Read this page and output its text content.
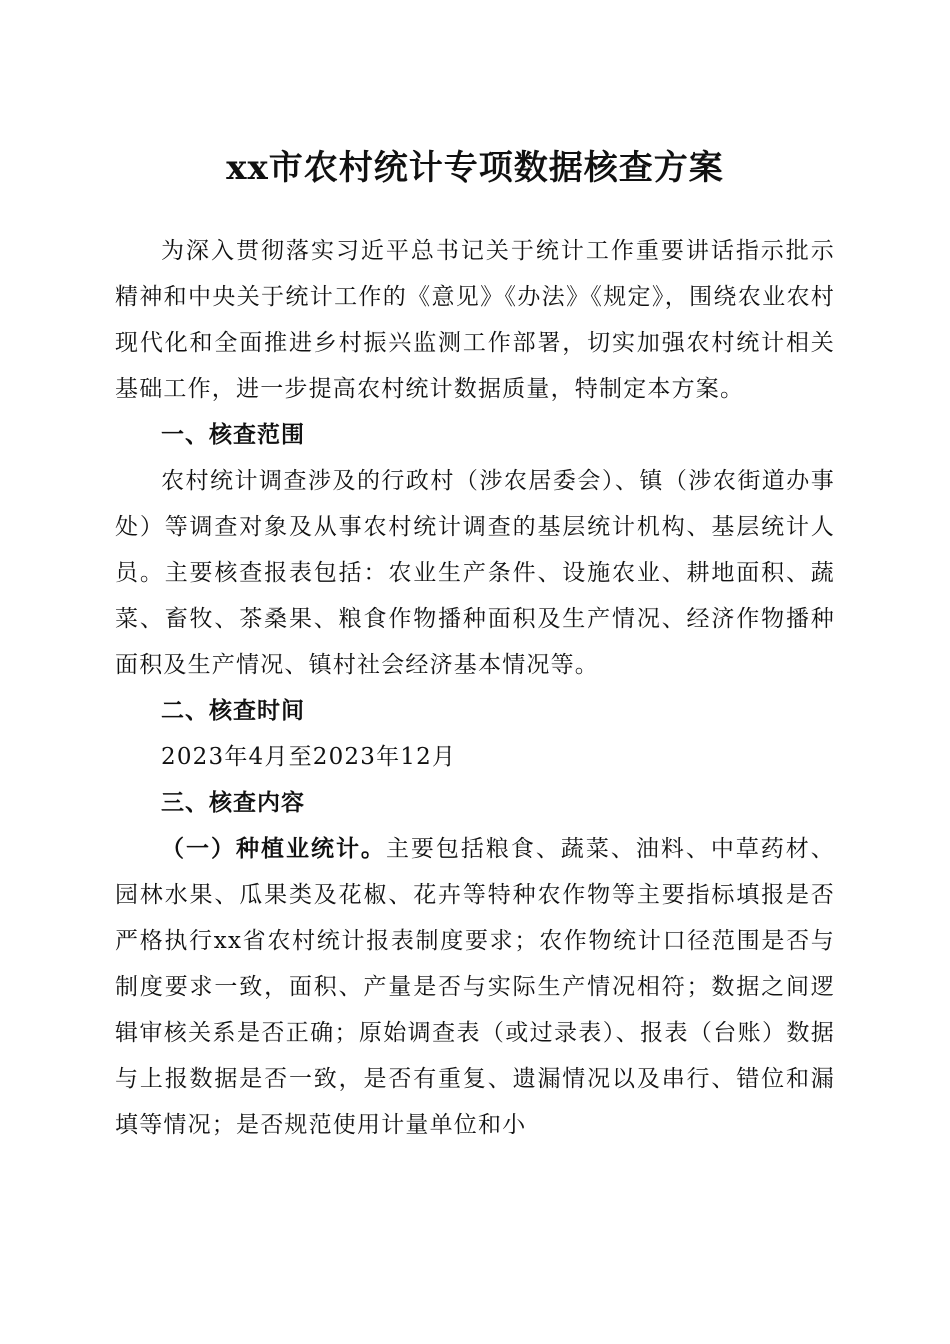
xx市农村统计专项数据核查方案

为深入贯彻落实习近平总书记关于统计工作重要讲话指示批示精神和中央关于统计工作的《意见》《办法》《规定》，围绕农业农村现代化和全面推进乡村振兴监测工作部署，切实加强农村统计相关基础工作，进一步提高农村统计数据质量，特制定本方案。

一、核查范围

农村统计调查涉及的行政村（涉农居委会）、镇（涉农街道办事处）等调查对象及从事农村统计调查的基层统计机构、基层统计人员。主要核查报表包括：农业生产条件、设施农业、耕地面积、蔬菜、畜牧、茶桑果、粮食作物播种面积及生产情况、经济作物播种面积及生产情况、镇村社会经济基本情况等。

二、核查时间

2023年4月至2023年12月

三、核查内容

（一）种植业统计。主要包括粮食、蔬菜、油料、中草药材、园林水果、瓜果类及花椒、花卉等特种农作物等主要指标填报是否严格执行xx省农村统计报表制度要求；农作物统计口径范围是否与制度要求一致，面积、产量是否与实际生产情况相符；数据之间逻辑审核关系是否正确；原始调查表（或过录表）、报表（台账）数据与上报数据是否一致，是否有重复、遗漏情况以及串行、错位和漏填等情况；是否规范使用计量单位和小
